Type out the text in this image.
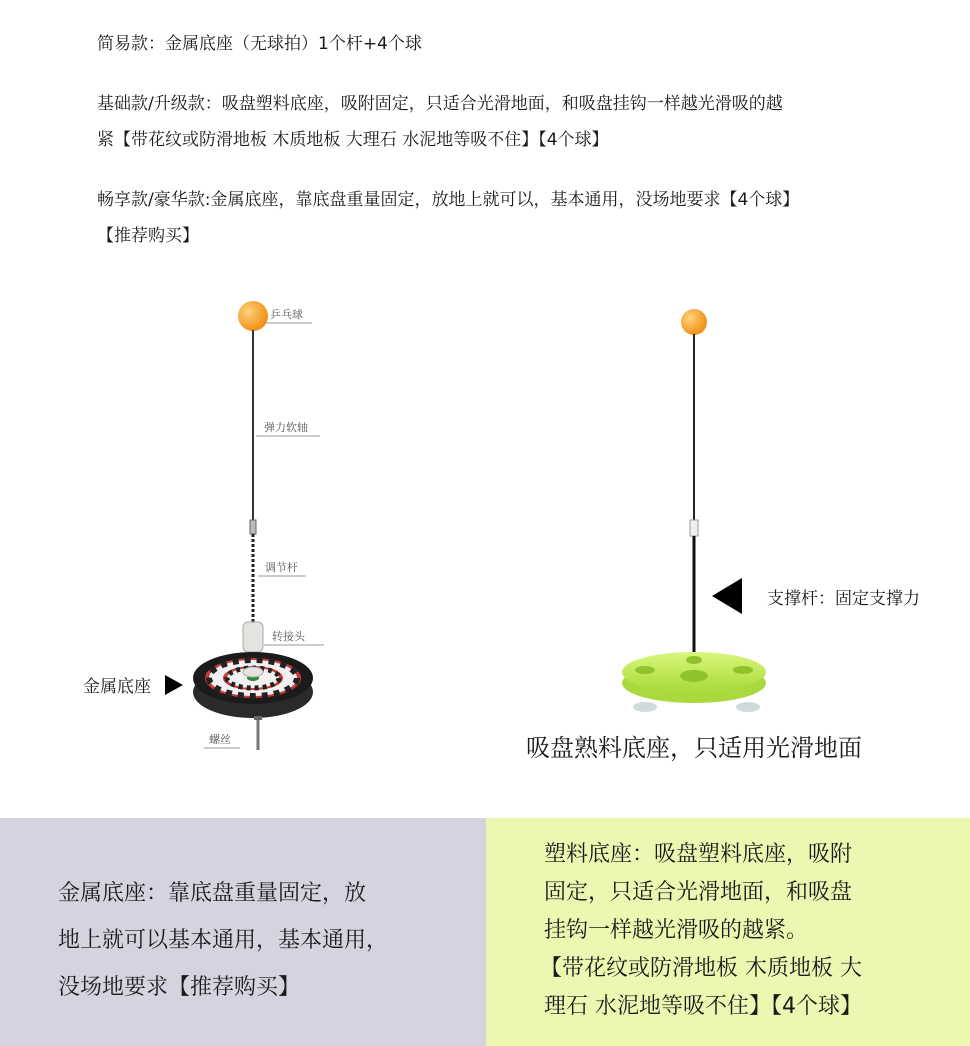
简易款：金属底座（无球拍）1个杆+4个球

基础款/升级款：吸盘塑料底座，吸附固定，只适合光滑地面，和吸盘挂钩一样越光滑吸的越

紧【带花纹或防滑地板 木质地板 大理石 水泥地等吸不住】【4个球】

畅享款/豪华款:金属底座，靠底盘重量固定，放地上就可以，基本通用，没场地要求【4个球】

【推荐购买】

乒乓球
弹力软轴
调节杆
转接头
螺丝
金属底座
支撑杆：固定支撑力
吸盘熟料底座，只适用光滑地面
金属底座：靠底盘重量固定，放
地上就可以基本通用，基本通用，
没场地要求【推荐购买】

塑料底座：吸盘塑料底座，吸附

固定，只适合光滑地面，和吸盘

挂钩一样越光滑吸的越紧。

【带花纹或防滑地板 木质地板 大

理石 水泥地等吸不住】【4个球】
